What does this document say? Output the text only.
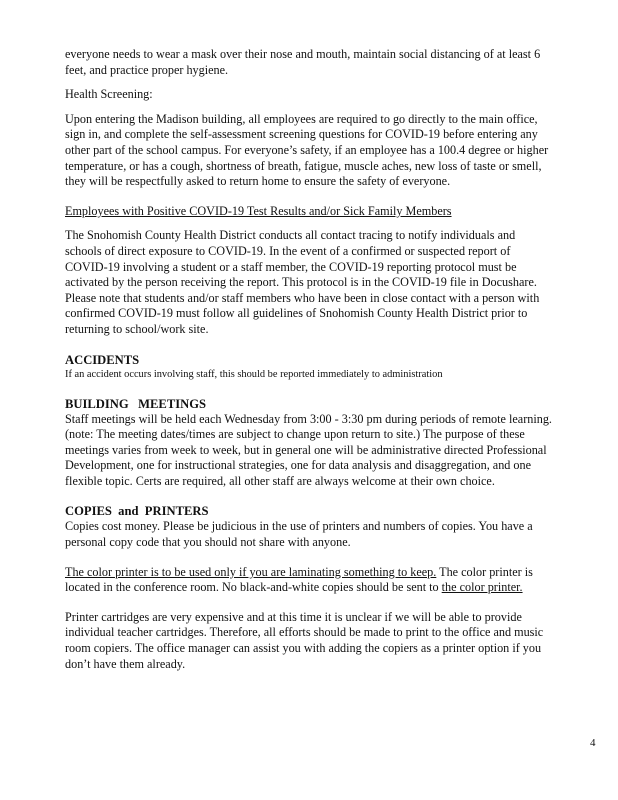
everyone needs to wear a mask over their nose and mouth, maintain social distancing of at least 6 feet, and practice proper hygiene.

Health Screening:

Upon entering the Madison building, all employees are required to go directly to the main office, sign in, and complete the self-assessment screening questions for COVID-19 before entering any other part of the school campus. For everyone’s safety, if an employee has a 100.4 degree or higher temperature, or has a cough, shortness of breath, fatigue, muscle aches, new loss of taste or smell, they will be respectfully asked to return home to ensure the safety of everyone.

Employees with Positive COVID-19 Test Results and/or Sick Family Members

The Snohomish County Health District conducts all contact tracing to notify individuals and schools of direct exposure to COVID-19. In the event of a confirmed or suspected report of COVID-19 involving a student or a staff member, the COVID-19 reporting protocol must be activated by the person receiving the report. This protocol is in the COVID-19 file in Docushare. Please note that students and/or staff members who have been in close contact with a person with confirmed COVID-19 must follow all guidelines of Snohomish County Health District prior to returning to school/work site.

ACCIDENTS

If an accident occurs involving staff, this should be reported immediately to administration

BUILDING   MEETINGS

Staff meetings will be held each Wednesday from 3:00 - 3:30 pm during periods of remote learning. (note: The meeting dates/times are subject to change upon return to site.) The purpose of these meetings varies from week to week, but in general one will be administrative directed Professional Development, one for instructional strategies, one for data analysis and disaggregation, and one flexible topic. Certs are required, all other staff are always welcome at their own choice.

COPIES  and  PRINTERS

Copies cost money. Please be judicious in the use of printers and numbers of copies. You have a personal copy code that you should not share with anyone.

The color printer is to be used only if you are laminating something to keep. The color printer is located in the conference room. No black-and-white copies should be sent to the color printer.

Printer cartridges are very expensive and at this time it is unclear if we will be able to provide individual teacher cartridges. Therefore, all efforts should be made to print to the office and music room copiers. The office manager can assist you with adding the copiers as a printer option if you don’t have them already.

4
